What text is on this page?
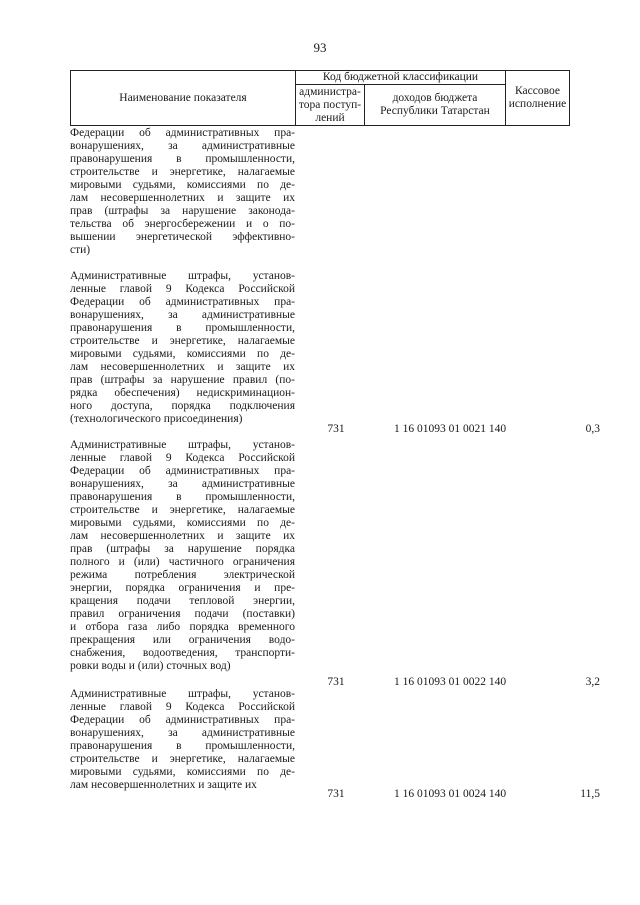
93
Наименование показателя
Код бюджетной классификации
администра-
тора поступ-
лений
доходов бюджета
Республики Татарстан
Кассовое
исполнение
Федерации об административных пра-
вонарушениях, за административные
правонарушения в промышленности,
строительстве и энергетике, налагаемые
мировыми судьями, комиссиями по де-
лам несовершеннолетних и защите их
прав (штрафы за нарушение законода-
тельства об энергосбережении и о по-
вышении энергетической эффективно-
сти)
Административные штрафы, установ-
ленные главой 9 Кодекса Российской
Федерации об административных пра-
вонарушениях, за административные
правонарушения в промышленности,
строительстве и энергетике, налагаемые
мировыми судьями, комиссиями по де-
лам несовершеннолетних и защите их
прав (штрафы за нарушение правил (по-
рядка обеспечения) недискриминацион-
ного доступа, порядка подключения
(технологического присоединения)
731	1 16 01093 01 0021 140	0,3
Административные штрафы, установ-
ленные главой 9 Кодекса Российской
Федерации об административных пра-
вонарушениях, за административные
правонарушения в промышленности,
строительстве и энергетике, налагаемые
мировыми судьями, комиссиями по де-
лам несовершеннолетних и защите их
прав (штрафы за нарушение порядка
полного и (или) частичного ограничения
режима потребления электрической
энергии, порядка ограничения и пре-
кращения подачи тепловой энергии,
правил ограничения подачи (поставки)
и отбора газа либо порядка временного
прекращения или ограничения водо-
снабжения, водоотведения, транспорти-
ровки воды и (или) сточных вод)
731	1 16 01093 01 0022 140	3,2
Административные штрафы, установ-
ленные главой 9 Кодекса Российской
Федерации об административных пра-
вонарушениях, за административные
правонарушения в промышленности,
строительстве и энергетике, налагаемые
мировыми судьями, комиссиями по де-
лам несовершеннолетних и защите их
731	1 16 01093 01 0024 140	11,5
